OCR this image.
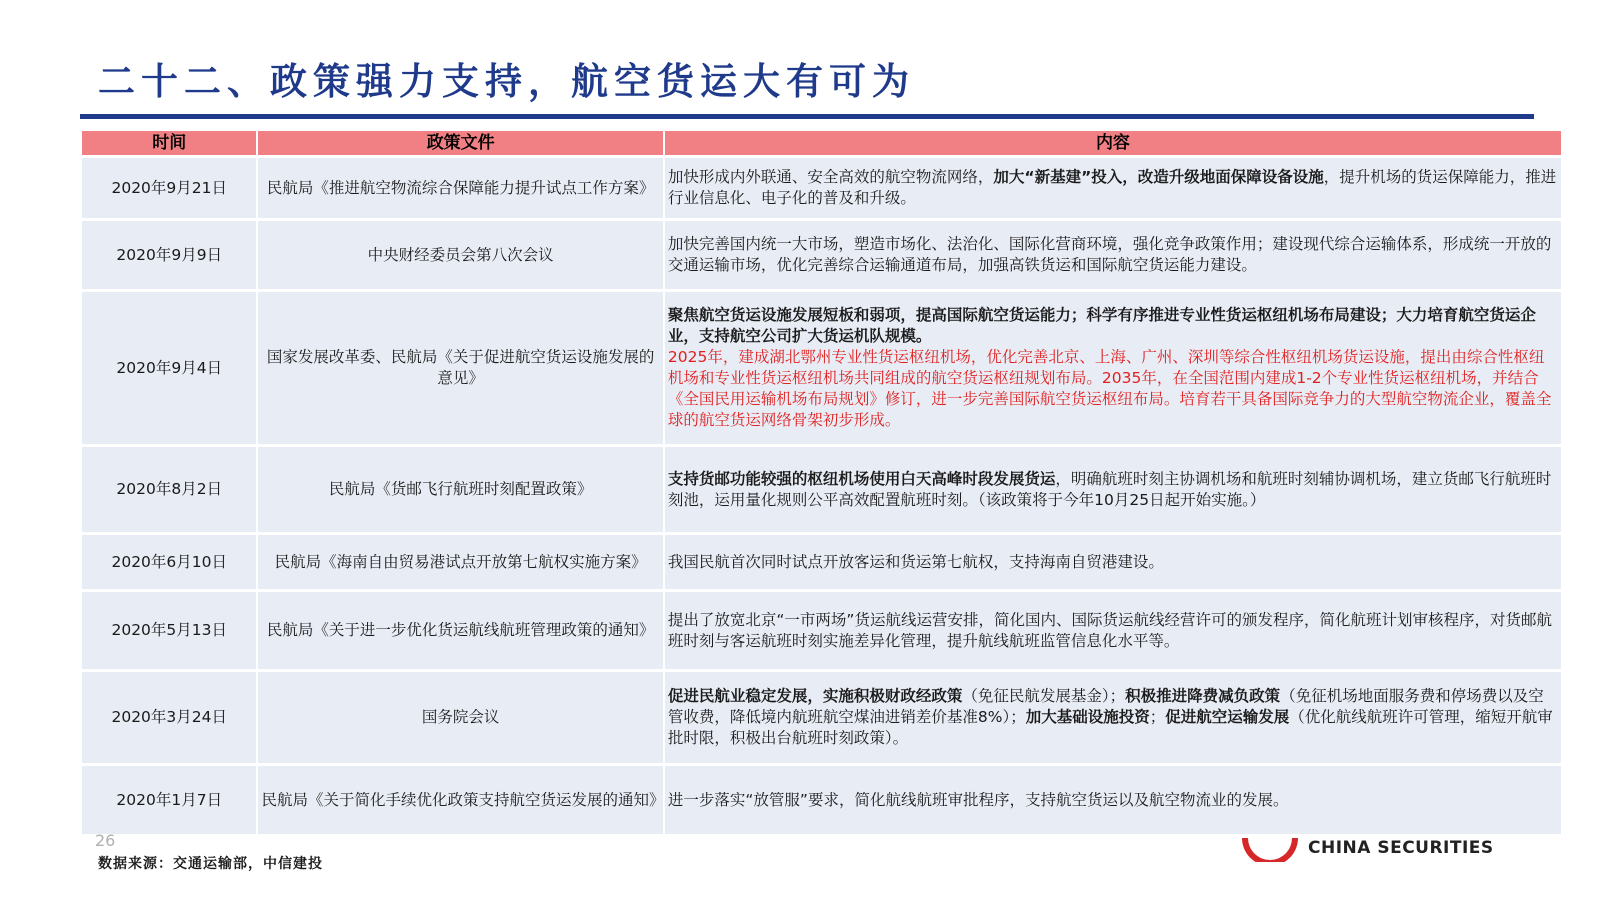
二十二、政策强力支持，航空货运大有可为
时间	政策文件	内容
2020年9月21日	民航局《推进航空物流综合保障能力提升试点工作方案》	加快形成内外联通、安全高效的航空物流网络，加大“新基建”投入，改造升级地面保障设备设施，提升机场的货运保障能力，推进行业信息化、电子化的普及和升级。
2020年9月9日	中央财经委员会第八次会议	加快完善国内统一大市场，塑造市场化、法治化、国际化营商环境，强化竞争政策作用；建设现代综合运输体系，形成统一开放的交通运输市场，优化完善综合运输通道布局，加强高铁货运和国际航空货运能力建设。
2020年9月4日	国家发展改革委、民航局《关于促进航空货运设施发展的意见》	聚焦航空货运设施发展短板和弱项，提高国际航空货运能力；科学有序推进专业性货运枢纽机场布局建设；大力培育航空货运企业，支持航空公司扩大货运机队规模。
2025年，建成湖北鄂州专业性货运枢纽机场，优化完善北京、上海、广州、深圳等综合性枢纽机场货运设施，提出由综合性枢纽机场和专业性货运枢纽机场共同组成的航空货运枢纽规划布局。2035年，在全国范围内建成1-2个专业性货运枢纽机场，并结合《全国民用运输机场布局规划》修订，进一步完善国际航空货运枢纽布局。培育若干具备国际竞争力的大型航空物流企业，覆盖全球的航空货运网络骨架初步形成。
2020年8月2日	民航局《货邮飞行航班时刻配置政策》	支持货邮功能较强的枢纽机场使用白天高峰时段发展货运，明确航班时刻主协调机场和航班时刻辅协调机场，建立货邮飞行航班时刻池，运用量化规则公平高效配置航班时刻。（该政策将于今年10月25日起开始实施。）
2020年6月10日	民航局《海南自由贸易港试点开放第七航权实施方案》	我国民航首次同时试点开放客运和货运第七航权，支持海南自贸港建设。
2020年5月13日	民航局《关于进一步优化货运航线航班管理政策的通知》	提出了放宽北京“一市两场”货运航线运营安排，简化国内、国际货运航线经营许可的颁发程序，简化航班计划审核程序，对货邮航班时刻与客运航班时刻实施差异化管理，提升航线航班监管信息化水平等。
2020年3月24日	国务院会议	促进民航业稳定发展，实施积极财政经政策（免征民航发展基金）；积极推进降费减负政策（免征机场地面服务费和停场费以及空管收费，降低境内航班航空煤油进销差价基准8%）；加大基础设施投资；促进航空运输发展（优化航线航班许可管理，缩短开航审批时限，积极出台航班时刻政策）。
2020年1月7日	民航局《关于简化手续优化政策支持航空货运发展的通知》	进一步落实“放管服”要求，简化航线航班审批程序，支持航空货运以及航空物流业的发展。
26
数据来源：交通运输部，中信建投
CHINA SECURITIES
